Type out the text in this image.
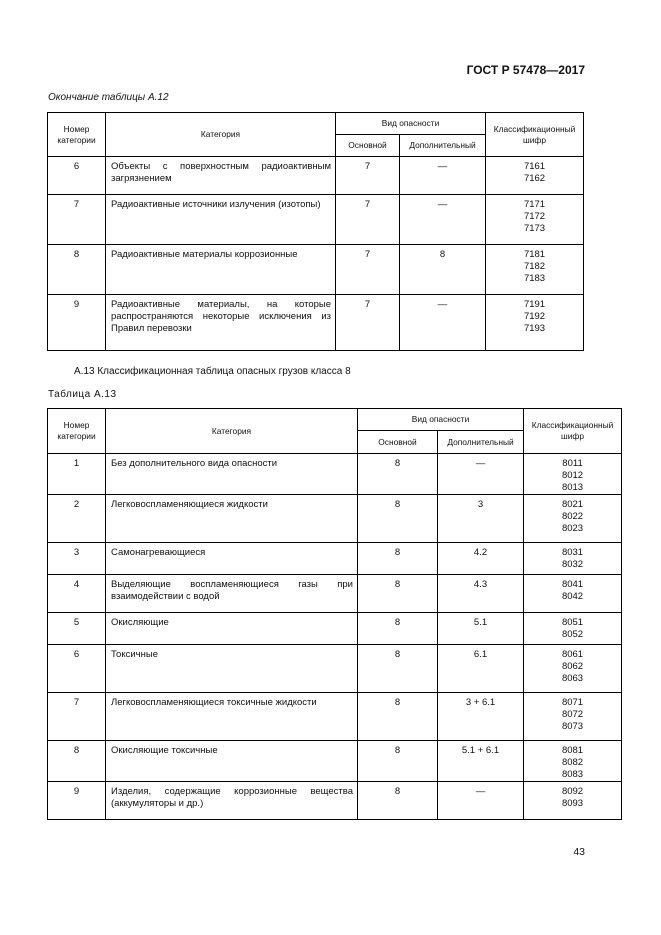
ГОСТ Р 57478—2017
Окончание таблицы А.12
Номер категории	Категория	Вид опасности		Классификационный шифр
		Основной	Дополнительный	
6	Объекты с поверхностным радиоактивным загрязнением	7	—	7161
7162

7	Радиоактивные источники излучения (изотопы)	7	—	7171
7172
7173

8	Радиоактивные материалы коррозионные	7	8	7181
7182
7183

9	Радиоактивные материалы, на которые распространяются некоторые исключения из Правил перевозки	7	—	7191
7192
7193
А.13 Классификационная таблица опасных грузов класса 8
Таблица А.13
Номер категории	Категория	Вид опасности		Классификационный шифр
		Основной	Дополнительный	
1	Без дополнительного вида опасности	8	—	8011
8012
8013

2	Легковоспламеняющиеся жидкости	8	3	8021
8022
8023

3	Самонагревающиеся	8	4.2	8031
8032

4	Выделяющие воспламеняющиеся газы при взаимодействии с водой	8	4.3	8041
8042

5	Окисляющие	8	5.1	8051
8052

6	Токсичные	8	6.1	8061
8062
8063

7	Легковоспламеняющиеся токсичные жидкости	8	3 + 6.1	8071
8072
8073

8	Окисляющие токсичные	8	5.1 + 6.1	8081
8082
8083

9	Изделия, содержащие коррозионные вещества (аккумуляторы и др.)	8	—	8092
8093
43
